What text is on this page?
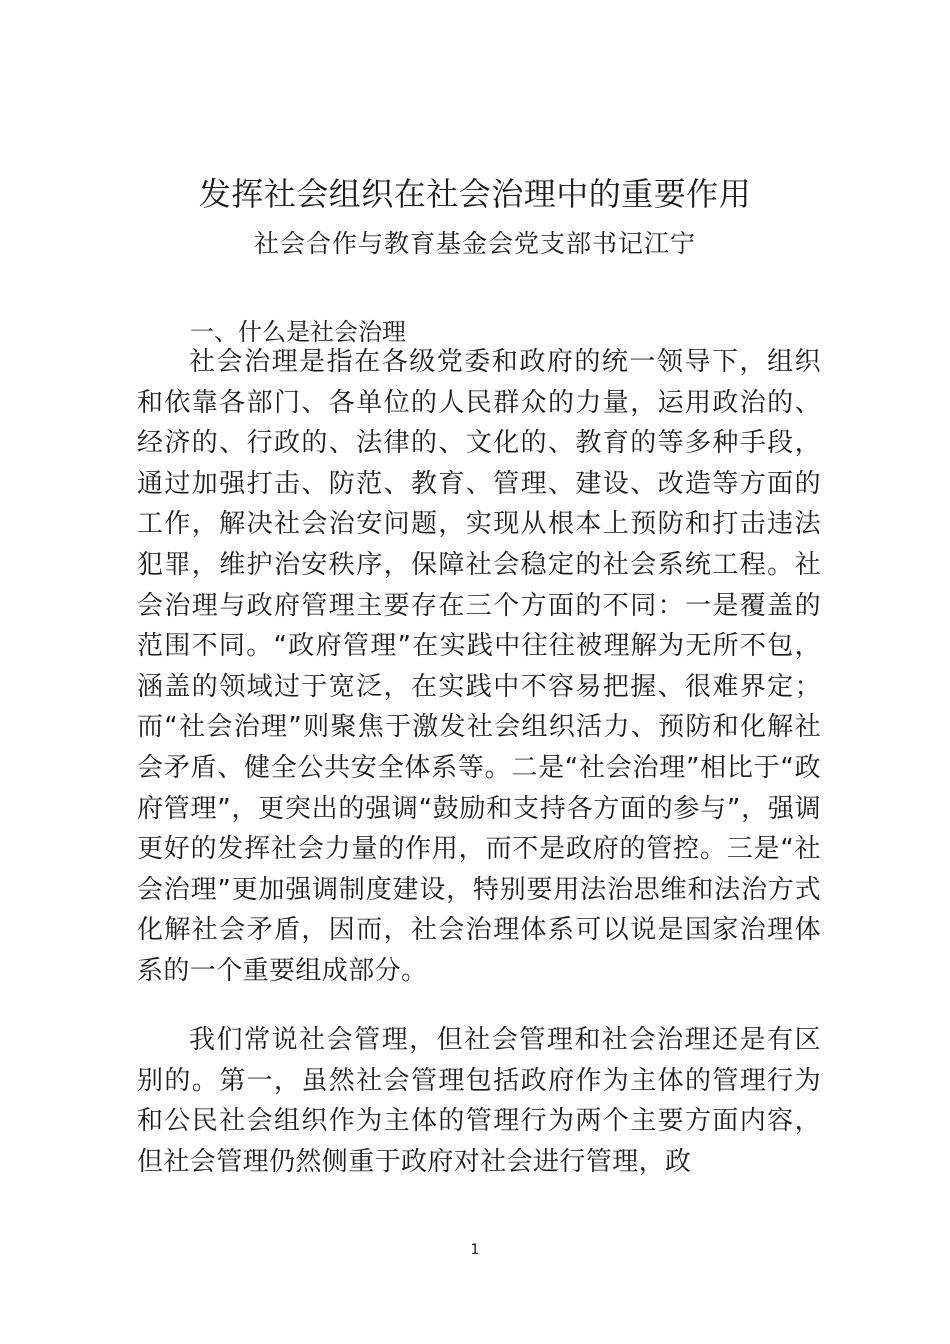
发挥社会组织在社会治理中的重要作用
社会合作与教育基金会党支部书记江宁
一、什么是社会治理

社会治理是指在各级党委和政府的统一领导下，组织和依靠各部门、各单位的人民群众的力量，运用政治的、经济的、行政的、法律的、文化的、教育的等多种手段，通过加强打击、防范、教育、管理、建设、改造等方面的工作，解决社会治安问题，实现从根本上预防和打击违法犯罪，维护治安秩序，保障社会稳定的社会系统工程。社会治理与政府管理主要存在三个方面的不同：一是覆盖的范围不同。“政府管理”在实践中往往被理解为无所不包，涵盖的领域过于宽泛，在实践中不容易把握、很难界定；而“社会治理”则聚焦于激发社会组织活力、预防和化解社会矛盾、健全公共安全体系等。二是“社会治理”相比于“政府管理”，更突出的强调“鼓励和支持各方面的参与”，强调更好的发挥社会力量的作用，而不是政府的管控。三是“社会治理”更加强调制度建设，特别要用法治思维和法治方式化解社会矛盾，因而，社会治理体系可以说是国家治理体系的一个重要组成部分。

我们常说社会管理，但社会管理和社会治理还是有区别的。第一，虽然社会管理包括政府作为主体的管理行为和公民社会组织作为主体的管理行为两个主要方面内容，但社会管理仍然侧重于政府对社会进行管理，政

1
